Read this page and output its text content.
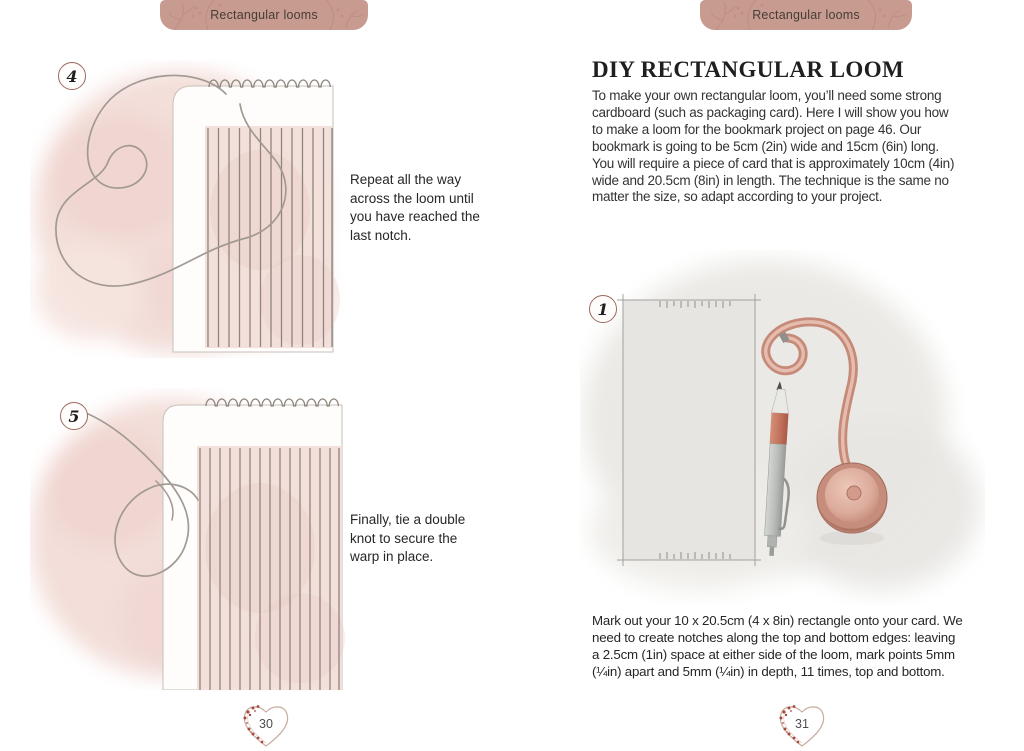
Rectangular looms	Rectangular looms
4
Repeat all the way
across the loom until
you have reached the
last notch.
5
Finally, tie a double
knot to secure the
warp in place.
DIY RECTANGULAR LOOM
To make your own rectangular loom, you’ll need some strong
cardboard (such as packaging card). Here I will show you how
to make a loom for the bookmark project on page 46. Our
bookmark is going to be 5cm (2in) wide and 15cm (6in) long.
You will require a piece of card that is approximately 10cm (4in)
wide and 20.5cm (8in) in length. The technique is the same no
matter the size, so adapt according to your project.
1
Mark out your 10 x 20.5cm (4 x 8in) rectangle onto your card. We
need to create notches along the top and bottom edges: leaving
a 2.5cm (1in) space at either side of the loom, mark points 5mm
(¼in) apart and 5mm (¼in) in depth, 11 times, top and bottom.
30	31
